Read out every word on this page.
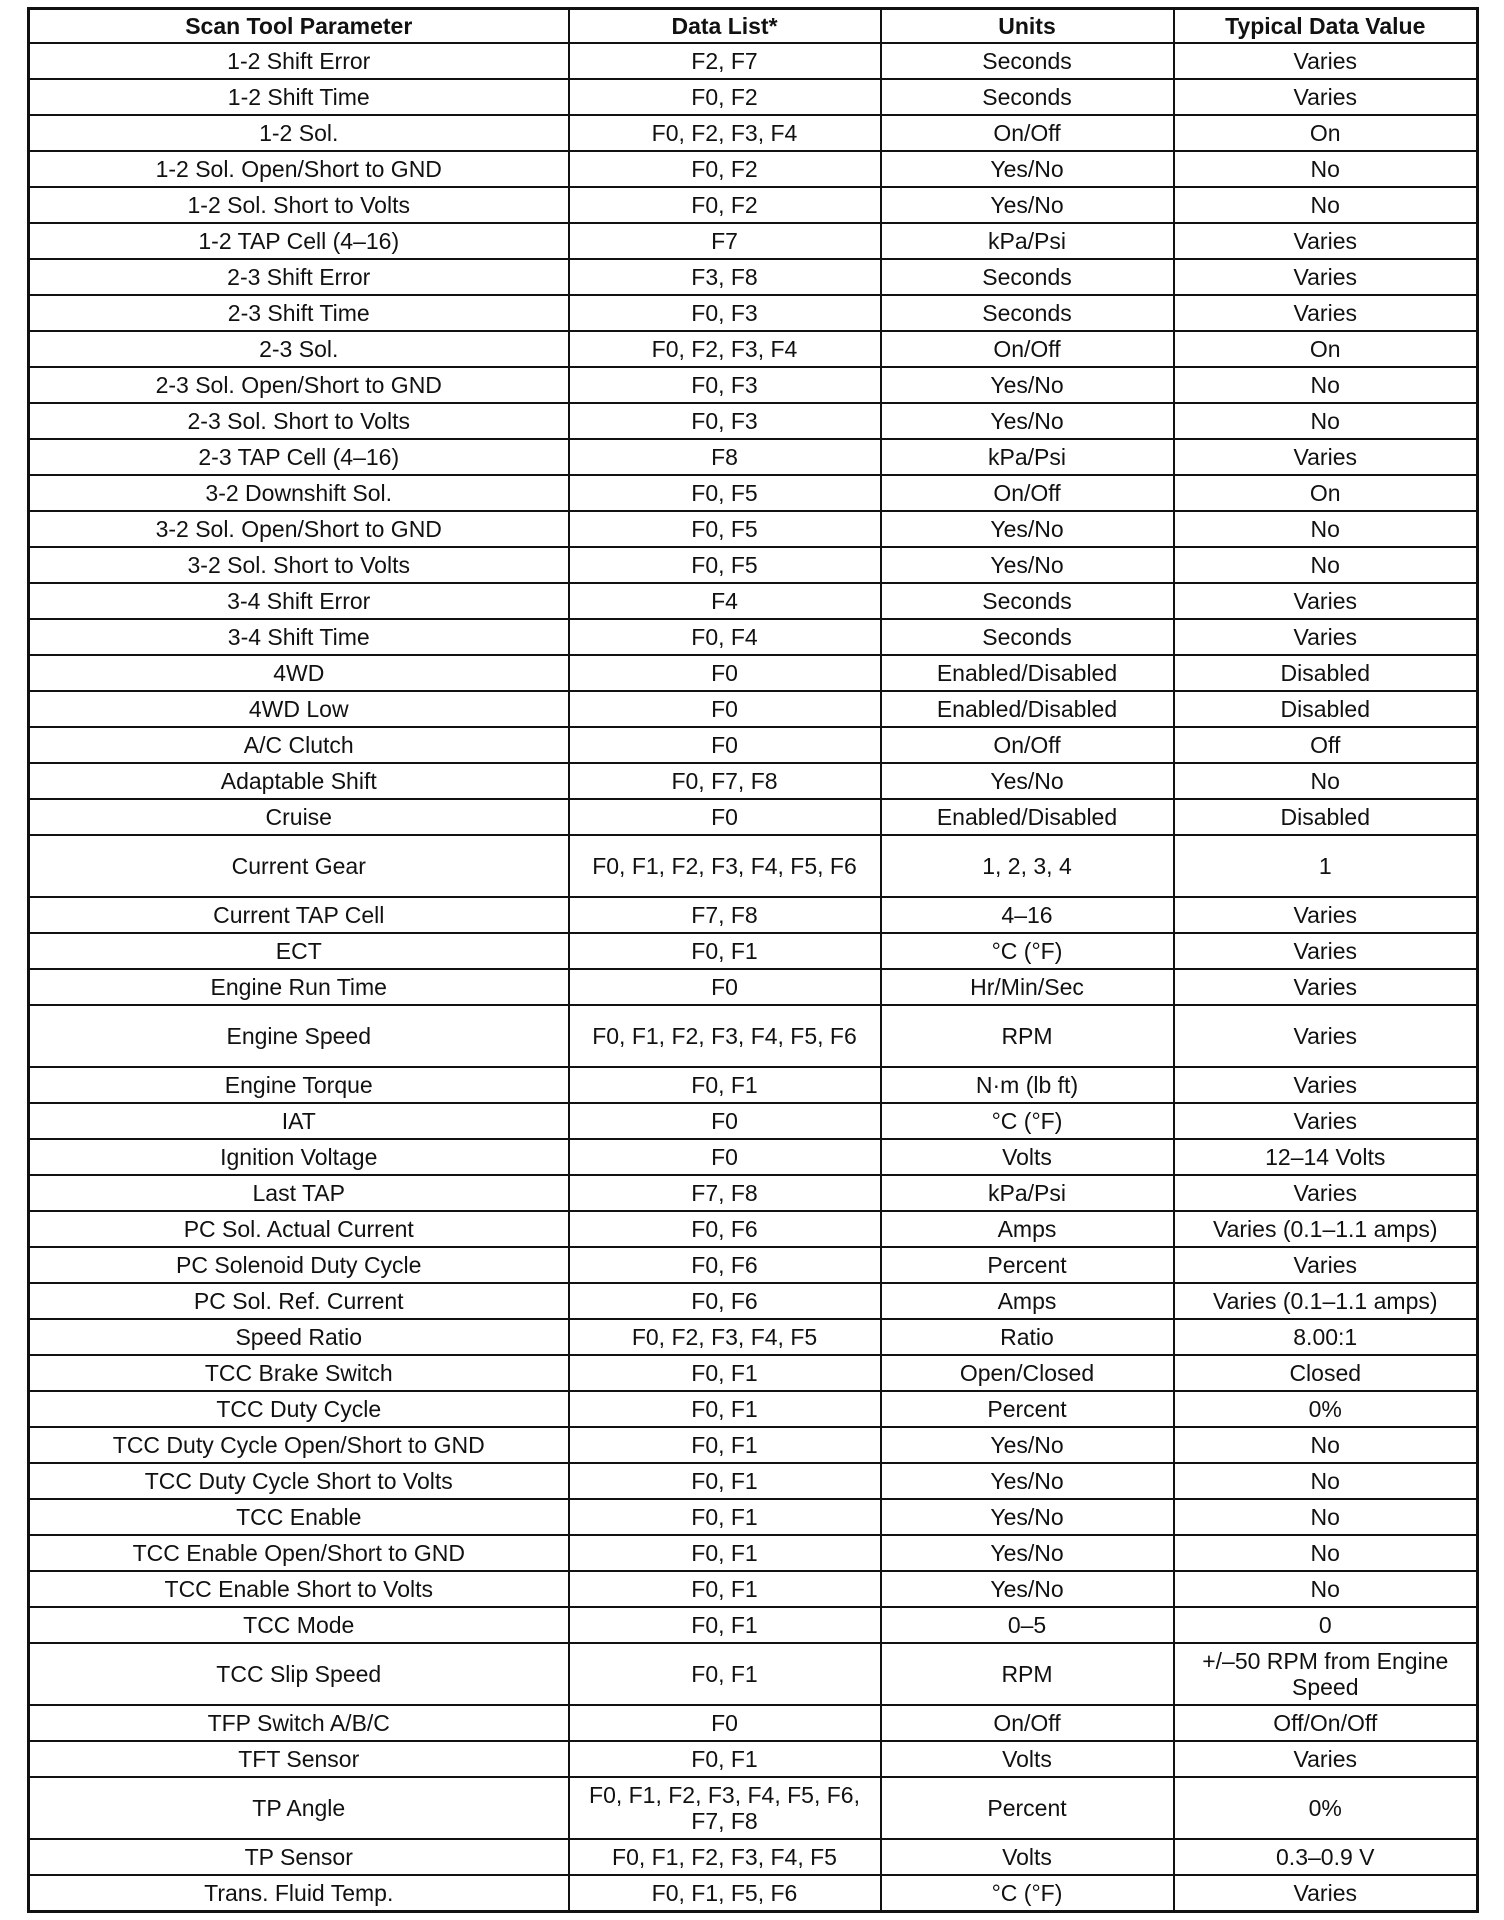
Scan Tool Parameter	Data List*	Units	Typical Data Value
1-2 Shift Error	F2, F7	Seconds	Varies
1-2 Shift Time	F0, F2	Seconds	Varies
1-2 Sol.	F0, F2, F3, F4	On/Off	On
1-2 Sol. Open/Short to GND	F0, F2	Yes/No	No
1-2 Sol. Short to Volts	F0, F2	Yes/No	No
1-2 TAP Cell (4–16)	F7	kPa/Psi	Varies
2-3 Shift Error	F3, F8	Seconds	Varies
2-3 Shift Time	F0, F3	Seconds	Varies
2-3 Sol.	F0, F2, F3, F4	On/Off	On
2-3 Sol. Open/Short to GND	F0, F3	Yes/No	No
2-3 Sol. Short to Volts	F0, F3	Yes/No	No
2-3 TAP Cell (4–16)	F8	kPa/Psi	Varies
3-2 Downshift Sol.	F0, F5	On/Off	On
3-2 Sol. Open/Short to GND	F0, F5	Yes/No	No
3-2 Sol. Short to Volts	F0, F5	Yes/No	No
3-4 Shift Error	F4	Seconds	Varies
3-4 Shift Time	F0, F4	Seconds	Varies
4WD	F0	Enabled/Disabled	Disabled
4WD Low	F0	Enabled/Disabled	Disabled
A/C Clutch	F0	On/Off	Off
Adaptable Shift	F0, F7, F8	Yes/No	No
Cruise	F0	Enabled/Disabled	Disabled
Current Gear	F0, F1, F2, F3, F4, F5, F6	1, 2, 3, 4	1
Current TAP Cell	F7, F8	4–16	Varies
ECT	F0, F1	°C (°F)	Varies
Engine Run Time	F0	Hr/Min/Sec	Varies
Engine Speed	F0, F1, F2, F3, F4, F5, F6	RPM	Varies
Engine Torque	F0, F1	N·m (lb ft)	Varies
IAT	F0	°C (°F)	Varies
Ignition Voltage	F0	Volts	12–14 Volts
Last TAP	F7, F8	kPa/Psi	Varies
PC Sol. Actual Current	F0, F6	Amps	Varies (0.1–1.1 amps)
PC Solenoid Duty Cycle	F0, F6	Percent	Varies
PC Sol. Ref. Current	F0, F6	Amps	Varies (0.1–1.1 amps)
Speed Ratio	F0, F2, F3, F4, F5	Ratio	8.00:1
TCC Brake Switch	F0, F1	Open/Closed	Closed
TCC Duty Cycle	F0, F1	Percent	0%
TCC Duty Cycle Open/Short to GND	F0, F1	Yes/No	No
TCC Duty Cycle Short to Volts	F0, F1	Yes/No	No
TCC Enable	F0, F1	Yes/No	No
TCC Enable Open/Short to GND	F0, F1	Yes/No	No
TCC Enable Short to Volts	F0, F1	Yes/No	No
TCC Mode	F0, F1	0–5	0
TCC Slip Speed	F0, F1	RPM	+/–50 RPM from Engine Speed
TFP Switch A/B/C	F0	On/Off	Off/On/Off
TFT Sensor	F0, F1	Volts	Varies
TP Angle	F0, F1, F2, F3, F4, F5, F6, F7, F8	Percent	0%
TP Sensor	F0, F1, F2, F3, F4, F5	Volts	0.3–0.9 V
Trans. Fluid Temp.	F0, F1, F5, F6	°C (°F)	Varies
